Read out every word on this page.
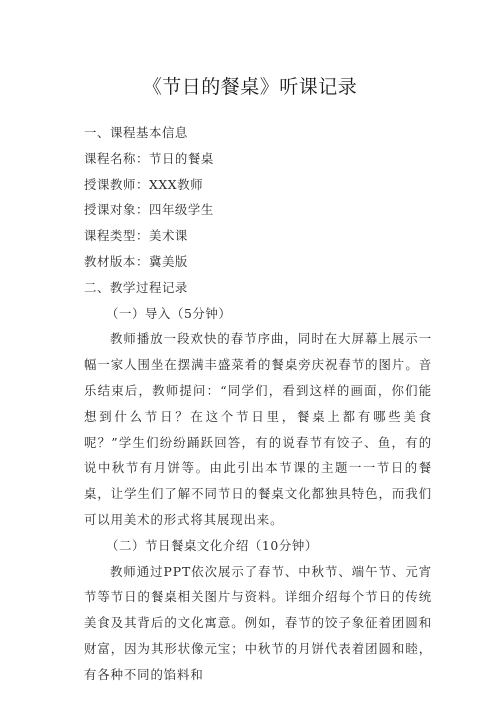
《节日的餐桌》听课记录
一、课程基本信息
课程名称：节日的餐桌
授课教师：XXX教师
授课对象：四年级学生
课程类型：美术课
教材版本：冀美版
二、教学过程记录
（一）导入（5分钟）

教师播放一段欢快的春节序曲，同时在大屏幕上展示一幅一家人围坐在摆满丰盛菜肴的餐桌旁庆祝春节的图片。音乐结束后，教师提问：“同学们，看到这样的画面，你们能想到什么节日？在这个节日里，餐桌上都有哪些美食呢？”学生们纷纷踊跃回答，有的说春节有饺子、鱼，有的说中秋节有月饼等。由此引出本节课的主题一一节日的餐桌，让学生们了解不同节日的餐桌文化都独具特色，而我们可以用美术的形式将其展现出来。

（二）节日餐桌文化介绍（10分钟）

教师通过PPT依次展示了春节、中秋节、端午节、元宵节等节日的餐桌相关图片与资料。详细介绍每个节日的传统美食及其背后的文化寓意。例如，春节的饺子象征着团圆和财富，因为其形状像元宝；中秋节的月饼代表着团圆和睦，有各种不同的馅料和
